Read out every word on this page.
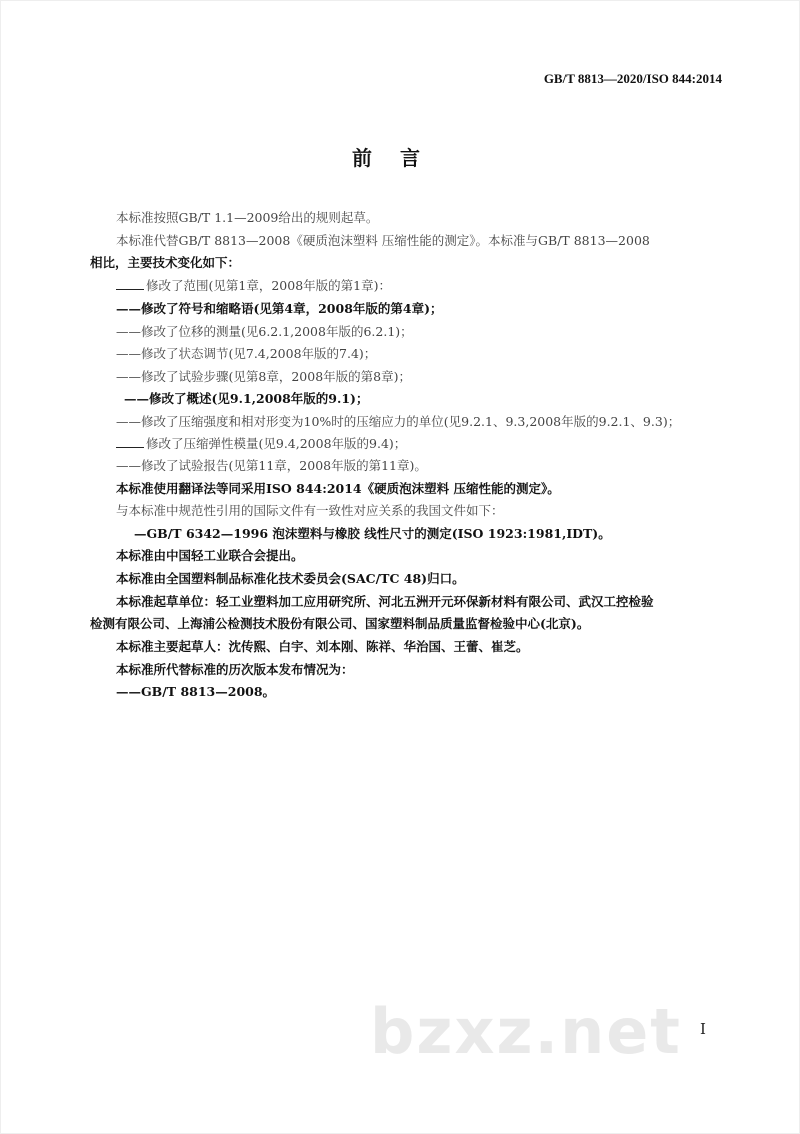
GB/T 8813—2020/ISO 844:2014
前言
本标准按照GB/T 1.1—2009给出的规则起草。
本标准代替GB/T 8813—2008《硬质泡沫塑料 压缩性能的测定》。本标准与GB/T 8813—2008
相比，主要技术变化如下：
修改了范围(见第1章，2008年版的第1章)：
——修改了符号和缩略语(见第4章，2008年版的第4章)；
——修改了位移的测量(见6.2.1,2008年版的6.2.1)；
——修改了状态调节(见7.4,2008年版的7.4)；
——修改了试验步骤(见第8章，2008年版的第8章)；
——修改了概述(见9.1,2008年版的9.1)；
——修改了压缩强度和相对形变为10%时的压缩应力的单位(见9.2.1、9.3,2008年版的9.2.1、9.3)；
修改了压缩弹性模量(见9.4,2008年版的9.4)；
——修改了试验报告(见第11章，2008年版的第11章)。
本标准使用翻译法等同采用ISO 844:2014《硬质泡沫塑料 压缩性能的测定》。
与本标准中规范性引用的国际文件有一致性对应关系的我国文件如下：
—GB/T 6342—1996 泡沫塑料与橡胶 线性尺寸的测定(ISO 1923:1981,IDT)。
本标准由中国轻工业联合会提出。
本标准由全国塑料制品标准化技术委员会(SAC/TC 48)归口。
本标准起草单位：轻工业塑料加工应用研究所、河北五洲开元环保新材料有限公司、武汉工控检验
检测有限公司、上海浦公检测技术股份有限公司、国家塑料制品质量监督检验中心(北京)。
本标准主要起草人：沈传熙、白宇、刘本刚、陈祥、华治国、王蕾、崔芝。
本标准所代替标准的历次版本发布情况为：
——GB/T 8813—2008。
bzxz.net I
